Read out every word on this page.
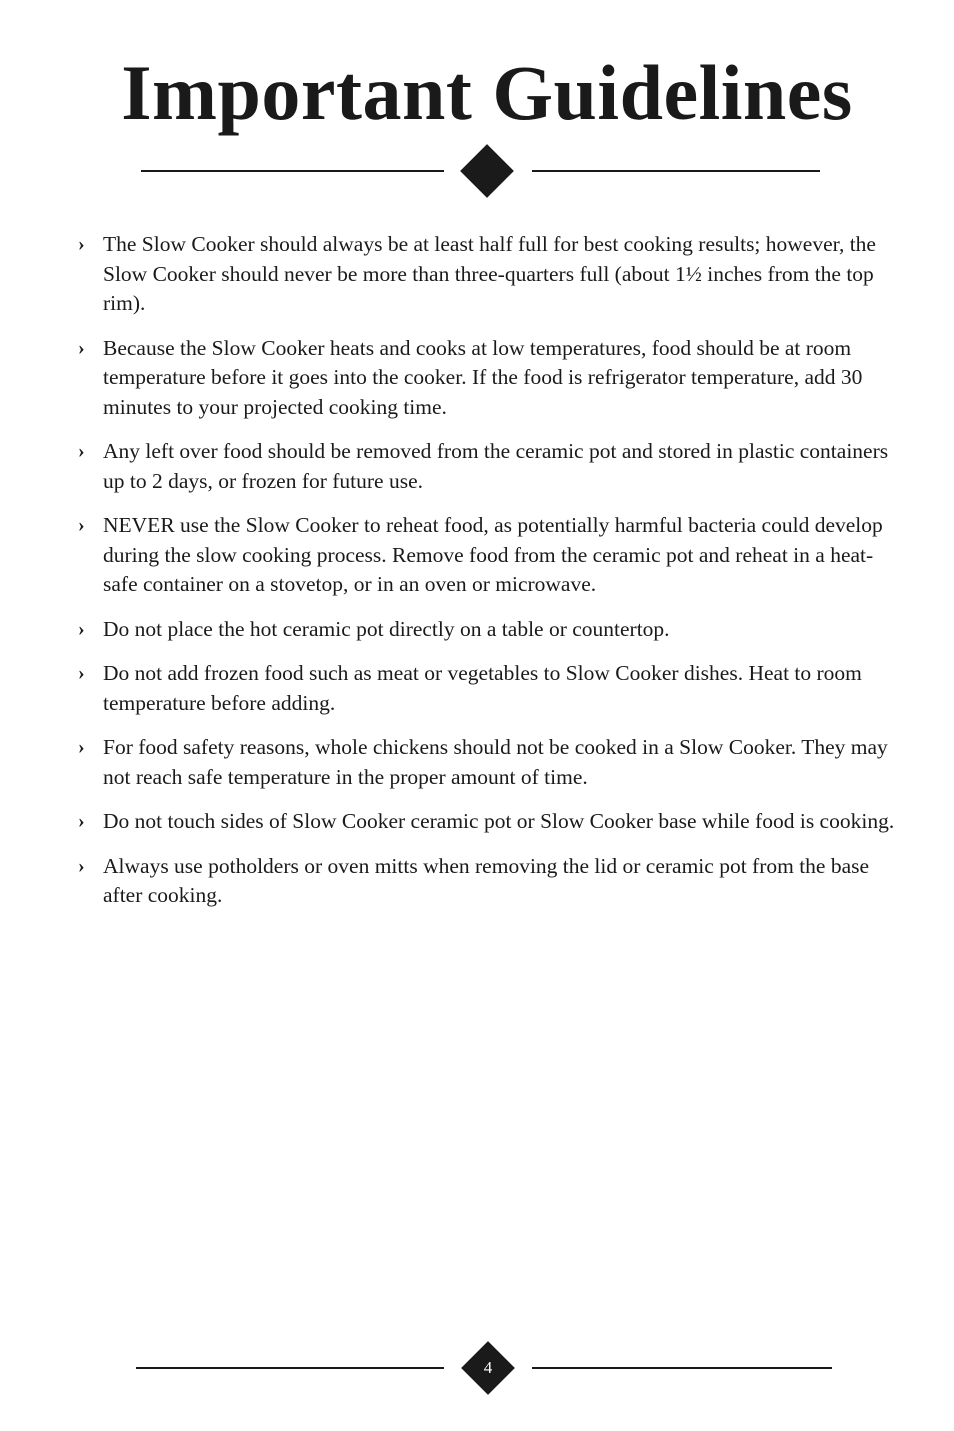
Important Guidelines
› The Slow Cooker should always be at least half full for best cooking results; however, the Slow Cooker should never be more than three-quarters full (about 1½ inches from the top rim).
› Because the Slow Cooker heats and cooks at low temperatures, food should be at room temperature before it goes into the cooker. If the food is refrigerator temperature, add 30 minutes to your projected cooking time.
› Any left over food should be removed from the ceramic pot and stored in plastic containers up to 2 days, or frozen for future use.
› NEVER use the Slow Cooker to reheat food, as potentially harmful bacteria could develop during the slow cooking process. Remove food from the ceramic pot and reheat in a heat-safe container on a stovetop, or in an oven or microwave.
› Do not place the hot ceramic pot directly on a table or countertop.
› Do not add frozen food such as meat or vegetables to Slow Cooker dishes. Heat to room temperature before adding.
› For food safety reasons, whole chickens should not be cooked in a Slow Cooker. They may not reach safe temperature in the proper amount of time.
› Do not touch sides of Slow Cooker ceramic pot or Slow Cooker base while food is cooking.
› Always use potholders or oven mitts when removing the lid or ceramic pot from the base after cooking.
4
